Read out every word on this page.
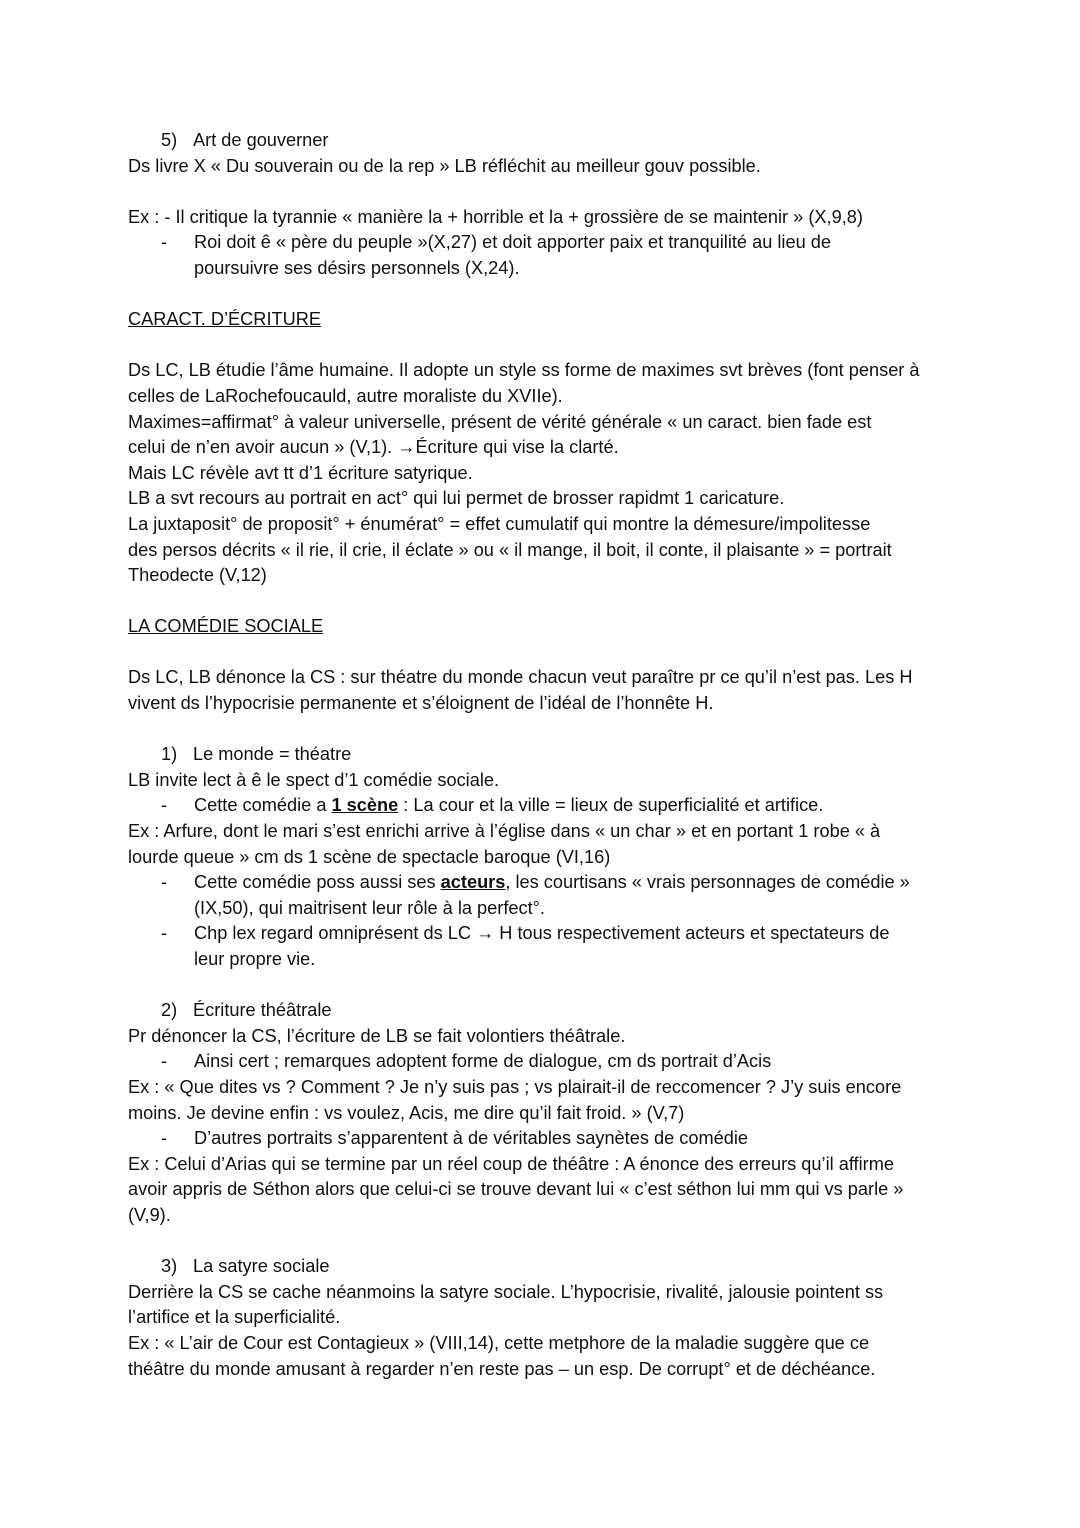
5) Art de gouverner
Ds livre X « Du souverain ou de la rep » LB réfléchit au meilleur gouv possible.
Ex : - Il critique la tyrannie « manière la + horrible et la + grossière de se maintenir » (X,9,8)
- Roi doit ê « père du peuple »(X,27) et doit apporter paix et tranquilité au lieu de
poursuivre ses désirs personnels (X,24).
CARACT. D’ÉCRITURE
Ds LC, LB étudie l’âme humaine. Il adopte un style ss forme de maximes svt brèves (font penser à
celles de LaRochefoucauld, autre moraliste du XVIIe).
Maximes=affirmat° à valeur universelle, présent de vérité générale « un caract. bien fade est
celui de n’en avoir aucun » (V,1). →Écriture qui vise la clarté.
Mais LC révèle avt tt d’1 écriture satyrique.
LB a svt recours au portrait en act° qui lui permet de brosser rapidmt 1 caricature.
La juxtaposit° de proposit° + énumérat° = effet cumulatif qui montre la démesure/impolitesse
des persos décrits « il rie, il crie, il éclate » ou « il mange, il boit, il conte, il plaisante » = portrait
Theodecte (V,12)
LA COMÉDIE SOCIALE
Ds LC, LB dénonce la CS : sur théatre du monde chacun veut paraître pr ce qu’il n’est pas. Les H
vivent ds l’hypocrisie permanente et s’éloignent de l’idéal de l’honnête H.
1) Le monde = théatre
LB invite lect à ê le spect d’1 comédie sociale.
- Cette comédie a 1 scène : La cour et la ville = lieux de superficialité et artifice.
Ex : Arfure, dont le mari s’est enrichi arrive à l’église dans « un char » et en portant 1 robe « à
lourde queue » cm ds 1 scène de spectacle baroque (VI,16)
- Cette comédie poss aussi ses acteurs, les courtisans « vrais personnages de comédie »
(IX,50), qui maitrisent leur rôle à la perfect°.
- Chp lex regard omniprésent ds LC → H tous respectivement acteurs et spectateurs de
leur propre vie.
2) Écriture théâtrale
Pr dénoncer la CS, l’écriture de LB se fait volontiers théâtrale.
- Ainsi cert ; remarques adoptent forme de dialogue, cm ds portrait d’Acis
Ex : « Que dites vs ? Comment ? Je n’y suis pas ; vs plairait-il de reccomencer ? J’y suis encore
moins. Je devine enfin : vs voulez, Acis, me dire qu’il fait froid. » (V,7)
- D’autres portraits s’apparentent à de véritables saynètes de comédie
Ex : Celui d’Arias qui se termine par un réel coup de théâtre : A énonce des erreurs qu’il affirme
avoir appris de Séthon alors que celui-ci se trouve devant lui « c’est séthon lui mm qui vs parle »
(V,9).
3) La satyre sociale
Derrière la CS se cache néanmoins la satyre sociale. L’hypocrisie, rivalité, jalousie pointent ss
l’artifice et la superficialité.
Ex : « L’air de Cour est Contagieux » (VIII,14), cette metphore de la maladie suggère que ce
théâtre du monde amusant à regarder n’en reste pas – un esp. De corrupt° et de déchéance.
